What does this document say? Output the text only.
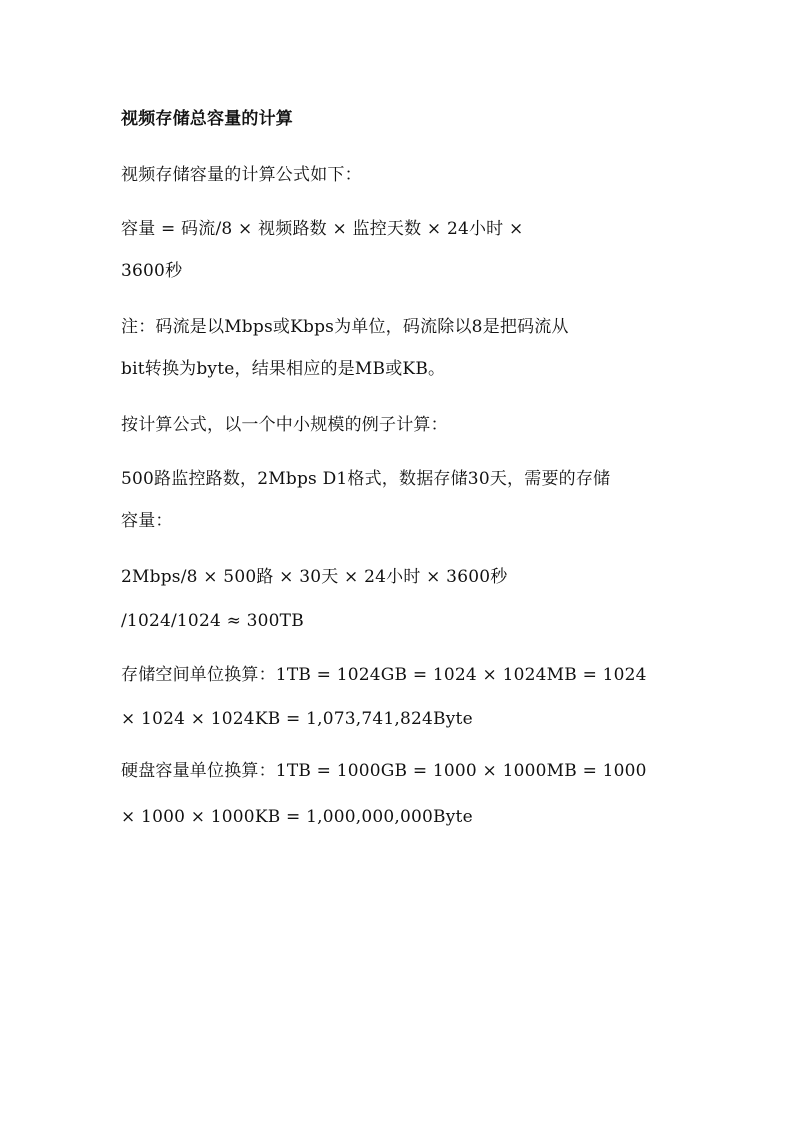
视频存储总容量的计算
视频存储容量的计算公式如下：
容量 = 码流/8 × 视频路数 × 监控天数 × 24小时 ×
3600秒
注：码流是以Mbps或Kbps为单位，码流除以8是把码流从
bit转换为byte，结果相应的是MB或KB。
按计算公式，以一个中小规模的例子计算：
500路监控路数，2Mbps D1格式，数据存储30天，需要的存储
容量：
2Mbps/8 × 500路 × 30天 × 24小时 × 3600秒
/1024/1024 ≈ 300TB
存储空间单位换算：1TB = 1024GB = 1024 × 1024MB = 1024
× 1024 × 1024KB = 1,073,741,824Byte
硬盘容量单位换算：1TB = 1000GB = 1000 × 1000MB = 1000
× 1000 × 1000KB = 1,000,000,000Byte
